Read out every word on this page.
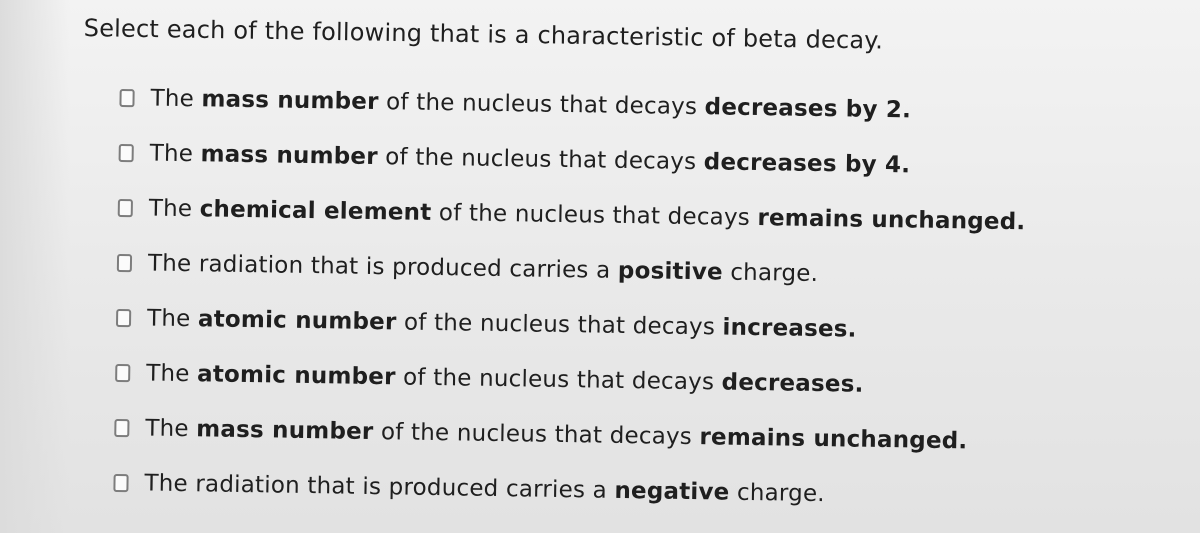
Select each of the following that is a characteristic of beta decay.
The mass number of the nucleus that decays decreases by 2.
The mass number of the nucleus that decays decreases by 4.
The chemical element of the nucleus that decays remains unchanged.
The radiation that is produced carries a positive charge.
The atomic number of the nucleus that decays increases.
The atomic number of the nucleus that decays decreases.
The mass number of the nucleus that decays remains unchanged.
The radiation that is produced carries a negative charge.
